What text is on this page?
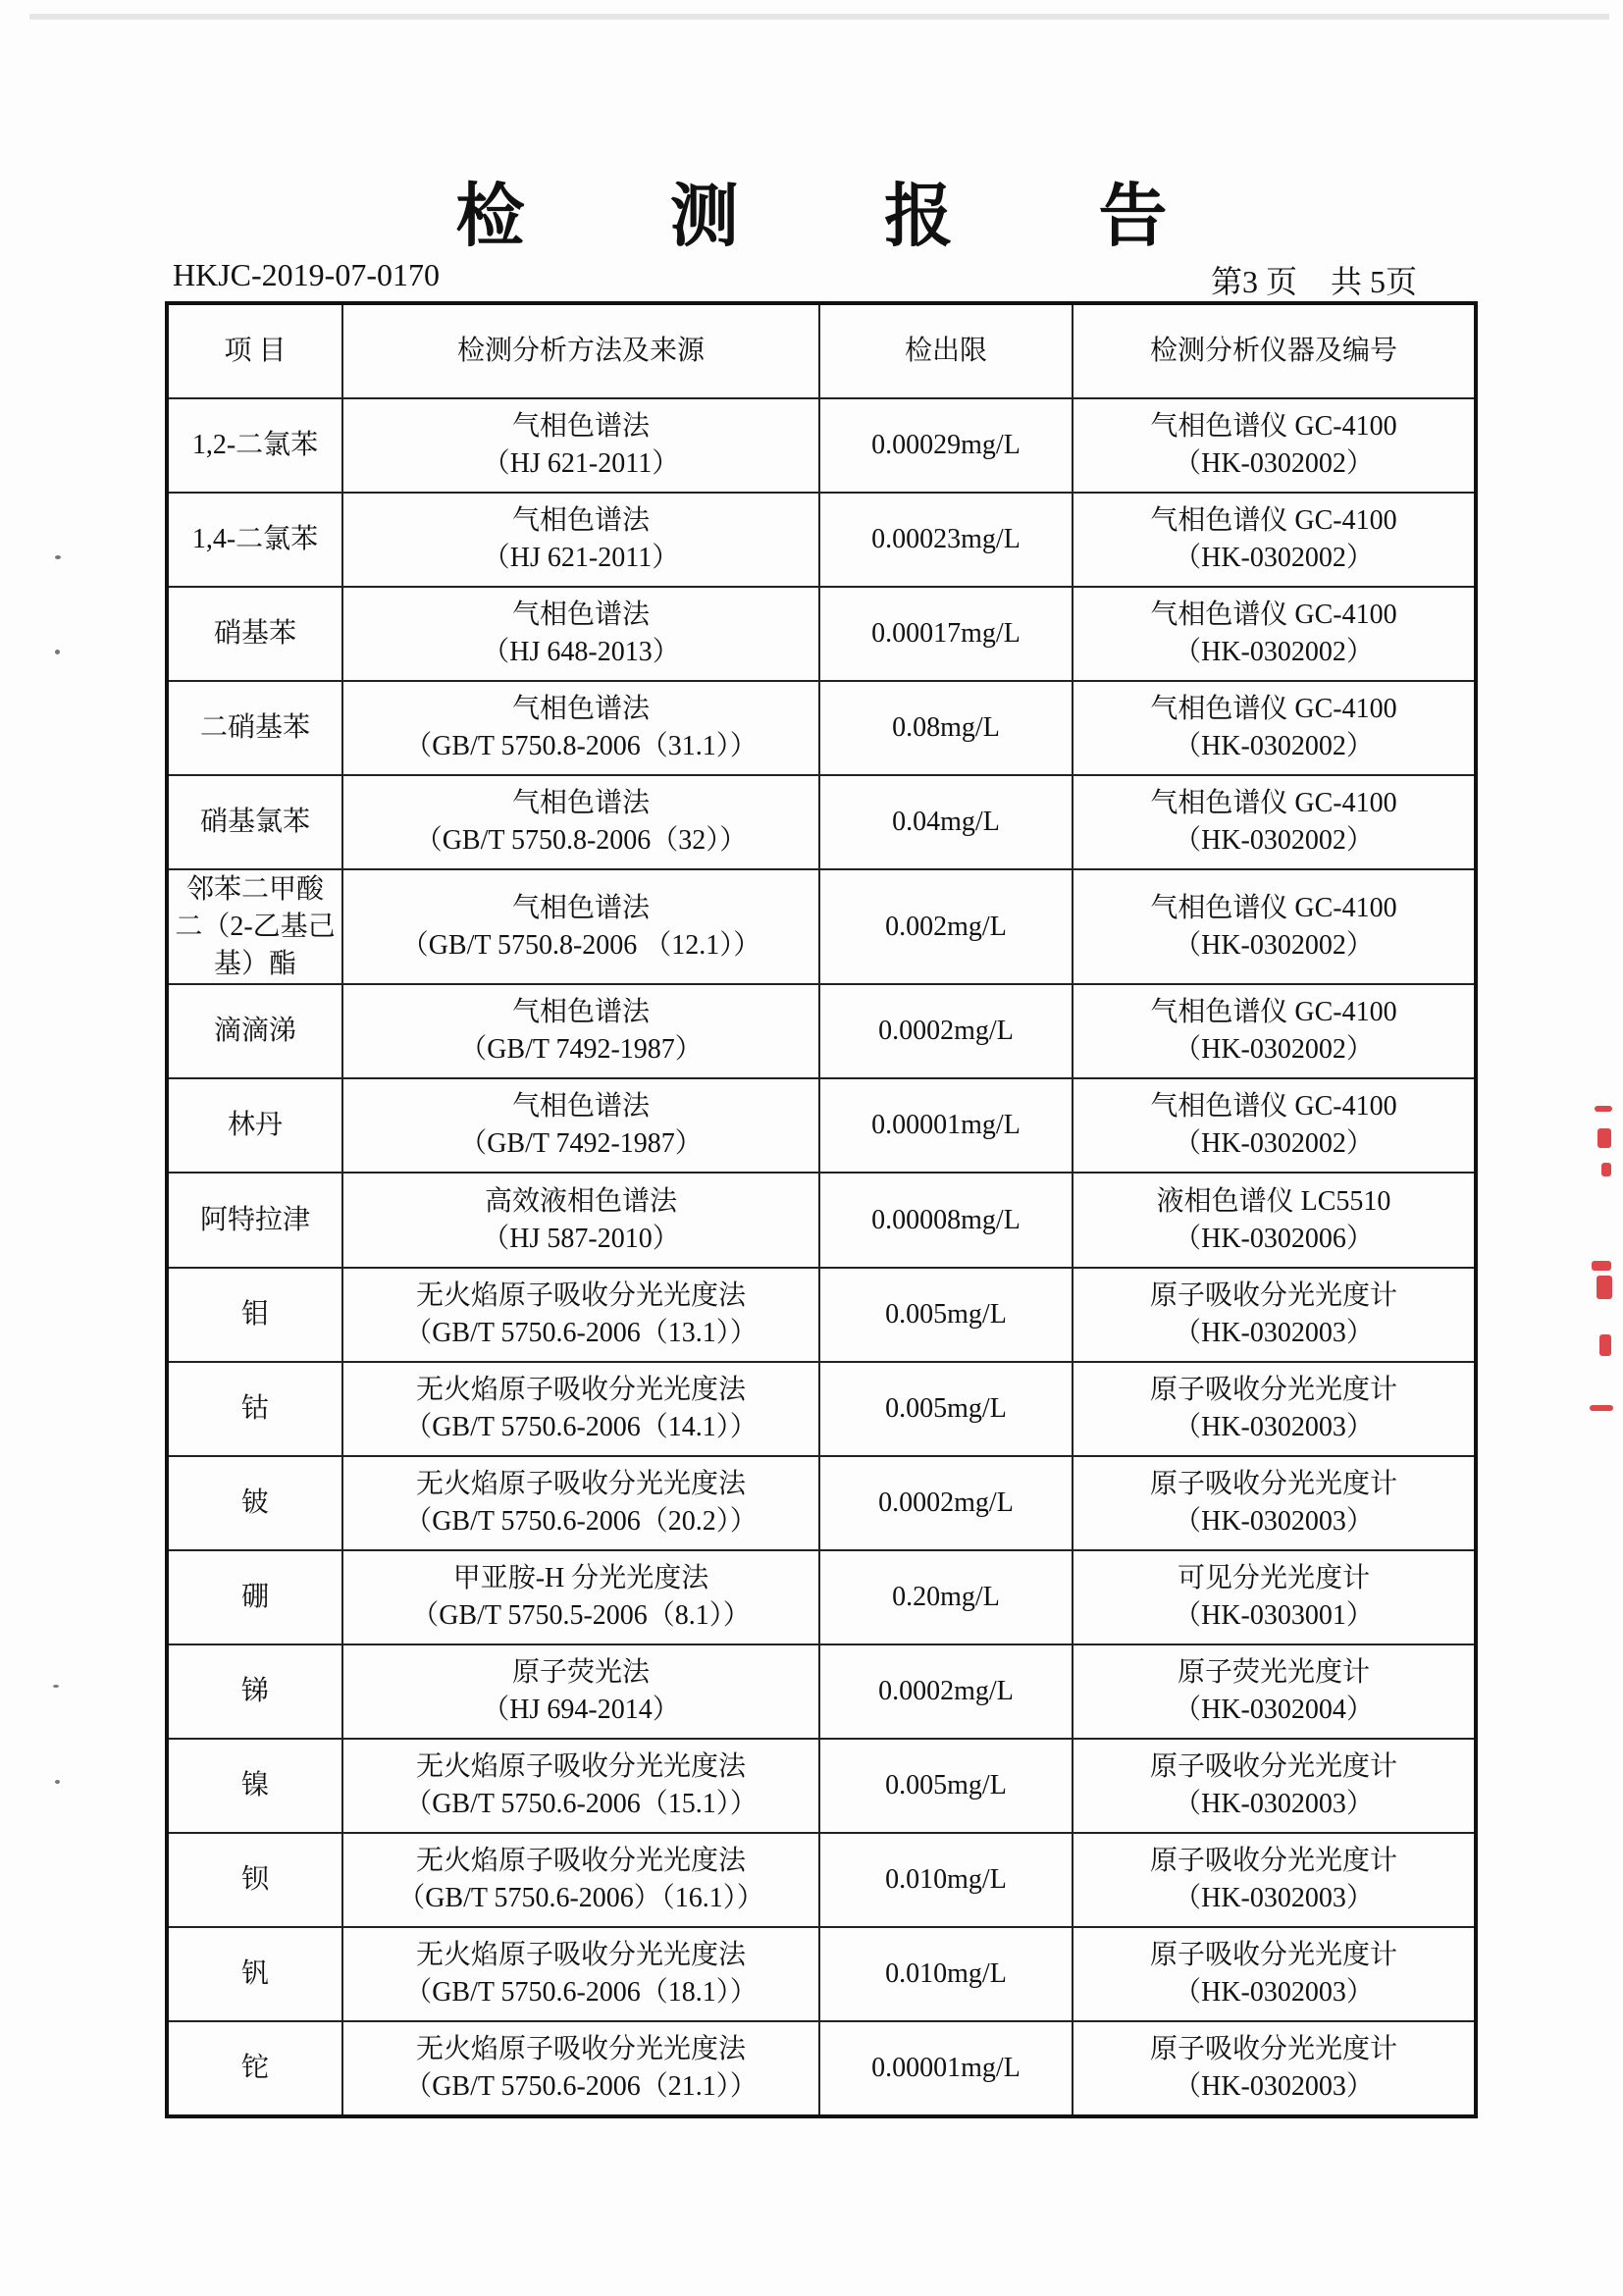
检 测 报 告
HKJC-2019-07-0170	第3 页 共 5页
项 目	检测分析方法及来源	检出限	检测分析仪器及编号

1,2-二氯苯	气相色谱法
（HJ 621-2011）	0.00029mg/L	气相色谱仪 GC-4100
（HK-0302002）

1,4-二氯苯	气相色谱法
（HJ 621-2011）	0.00023mg/L	气相色谱仪 GC-4100
（HK-0302002）

硝基苯	气相色谱法
（HJ 648-2013）	0.00017mg/L	气相色谱仪 GC-4100
（HK-0302002）

二硝基苯	气相色谱法
（GB/T 5750.8-2006（31.1））	0.08mg/L	气相色谱仪 GC-4100
（HK-0302002）

硝基氯苯	气相色谱法
（GB/T 5750.8-2006（32））	0.04mg/L	气相色谱仪 GC-4100
（HK-0302002）

邻苯二甲酸二（2-乙基己基）酯	气相色谱法
（GB/T 5750.8-2006 （12.1））	0.002mg/L	气相色谱仪 GC-4100
（HK-0302002）

滴滴涕	气相色谱法
（GB/T 7492-1987）	0.0002mg/L	气相色谱仪 GC-4100
（HK-0302002）

林丹	气相色谱法
（GB/T 7492-1987）	0.00001mg/L	气相色谱仪 GC-4100
（HK-0302002）

阿特拉津	高效液相色谱法
（HJ 587-2010）	0.00008mg/L	液相色谱仪 LC5510
（HK-0302006）

钼	无火焰原子吸收分光光度法
（GB/T 5750.6-2006（13.1））	0.005mg/L	原子吸收分光光度计
（HK-0302003）

钴	无火焰原子吸收分光光度法
（GB/T 5750.6-2006（14.1））	0.005mg/L	原子吸收分光光度计
（HK-0302003）

铍	无火焰原子吸收分光光度法
（GB/T 5750.6-2006（20.2））	0.0002mg/L	原子吸收分光光度计
（HK-0302003）

硼	甲亚胺-H 分光光度法
（GB/T 5750.5-2006（8.1））	0.20mg/L	可见分光光度计
（HK-0303001）

锑	原子荧光法
（HJ 694-2014）	0.0002mg/L	原子荧光光度计
（HK-0302004）

镍	无火焰原子吸收分光光度法
（GB/T 5750.6-2006（15.1））	0.005mg/L	原子吸收分光光度计
（HK-0302003）

钡	无火焰原子吸收分光光度法
（GB/T 5750.6-2006）（16.1））	0.010mg/L	原子吸收分光光度计
（HK-0302003）

钒	无火焰原子吸收分光光度法
（GB/T 5750.6-2006（18.1））	0.010mg/L	原子吸收分光光度计
（HK-0302003）

铊	无火焰原子吸收分光光度法
（GB/T 5750.6-2006（21.1））	0.00001mg/L	原子吸收分光光度计
（HK-0302003）
